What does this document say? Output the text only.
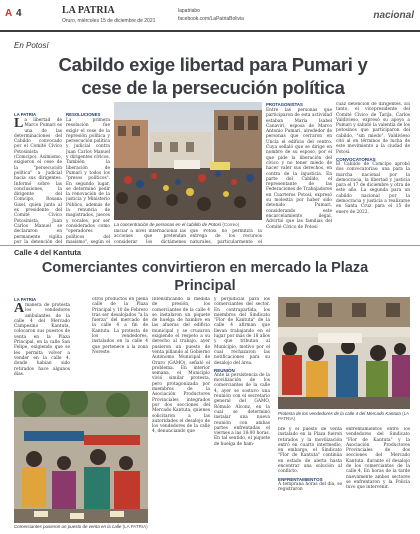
A 4	LA PATRIA
Oruro, miércoles 15 de diciembre de 2021
lapatriabo
facebook.com/LaPatriaBolivia	nacional
En Potosí
Cabildo exige libertad para Pumari y cese de la persecución política
LA PATRIA
L a libertad de Marco Pumari es una de las determinaciones del Cabildo convocado por el Comité Cívico Potosinista (Comcipo). Asimismo, exigieron el cese de la "persecución política" a judicial hacia sus dirigentes. Informó sobre las conclusiones, la dirigente del Comcipo, Rosana Gisel, quien junto al ex presidente del Comité Cívico Potosinista, Juan Carlos Manuel se declararon en permanente vigilia por la detención del
RESOLUCIONES
La primera resolución fue exigir el cese de la represión política y persecución política y judicial contra Juan Carlos Manuel y dirigentes cívicos. También la liberación de Pumari y todos los "presos políticos". En segundo lugar, se determinó pedir la renovación de la justicia y Ministerio Público, además de la renuncia de magistrados, jueces y vocales, por ser considerados como "operadores políticos del masismo", según el
La concentración de personas en el cabildo de Potosí (Correo)
iniciar a nivel internacional las acciones que pretendan considerar los dictámenes
que Potosí no permitirá la entrega de los recursos naturales, particularmente el
PROTAGONISTAS
Entre las personas que participaron de esta actividad estaban María Isabel Canaviri, esposa de Marco Antonio Pumari, alrededor de personas que cerraron en Uncía el edificio del centro. Cuya señaló que se dirige en nombre de su esposo, por el que pide la liberación del cívico y no tener miedo de hacer valer sus derechos, en contra de la injusticia. En parte del Cabildo, el representante de las Federaciones de Trabajadores en Cuarteros Potosí, expresó su molestia por haber sido detenido Pumari, considerando este encarcelamiento ilegal. Advirtió que las familias del Comité Cívico de Potosí
cuaz detención de dirigentes. En tanto, el vicepresidente del Comité Cívico de Tarija, Carlos Valdivieso, expresó su apoyo a Pumari y saludó la valentía de los potosinos que participaron del cabildo, "sin miedo". Valdivieso citó al en términos de lucha de este movimiento a la ciudad de Potosí.
CONVOCATORIAS
El Cabildo de Comcipo aprobó dos convocatorias: una para la marcha nacional por la democracia, la libertad y justicia para el 17 de diciembre y otra de este año. La segunda para un cabildo nacional por la democracia y justicia a realizarse en Santa Cruz para el 15 de enero de 2022.
Calle 4 del Kantuta
Comerciantes convirtieron en mercado la Plaza Principal
LA PATRIA
A manera de protesta los vendedores ambulantes de la calle 4 del Mercado Campesino Kantuta, colocaron sus puestos de venta en la Plaza Principal, en la calle San Felipe, exigiendo que se les permita volver a vender en la calle 4, donde habían sido retirados hace algunos días.
otros productos en plena calle de la Plaza Principal y 10 de Febrero tras ser desalojados "a la fuerza" del mercado de la calle 4 a fin de Kantuta. La protesta de los vendedores, instalados en la calle 4 que pertenece a la zona Noreste.
Intensificando la medida de presión, los comerciantes de la calle 4 se instalaron un piquete de huelga de hambre en las afueras del edificio municipal y se cruzaron exigiendo el respeto a su derecho al trabajo, ayer pusieron un puesto de venta pillando al Gobierno Autónomo Municipal de Oruro (GAMO), señaló el problema. En interior semana, el Municipio vivió similar protesta, pero protagonizada por miembros de la Asociación Productores Provinciales integrados por dos secciones del Mercado Kantuta, quienes solicitaron a las autoridades el desalojo de los vendedores de la calle 4, denunciando que
y perjudicial para los comerciantes del sector. En contrapartida, los miembros del Sindicato "Flor de Kantuta" de la calle 4 afirman que llevan trabajando en el lugar por más de 18 años y que tributan al Municipio, motivo por el cual rechazaron las notificaciones para su desalojo del área.
REUNIÓN
Ante la persistencia de la movilización de los comerciantes de la calle 4, ayer se sostuvo una reunión con el secretario general del GAMO, Rómulo Alconz, en la cual se determinó instalar una nueva reunión con ambas partes enfrentadas el viernes a las 18:00 horas. En tal sentido, el piquete de huelga de ham-
Protesta de los vendedores de la calle 4 del Mercado Kantuta (LA PATRIA)
bre y el puesto de venta instalado en la Plaza fueron retirados y la movilización entró en cuarto intermedio, en embargo, el Sindicato "Flor de Kantuta" continúa en estado de alerta hasta encontrar una solución al conflicto.
ENFRENTAMIENTOS
A temprana horas del día, se registraron
enfrentamientos entre los vendedores del Sindicato "Flor de Kantuta" y la Asociación Productores Provinciales de dos secciones del Mercado Kantuta, durante el desalojo de los comerciantes de la calle 4, En horas de la tarde nuevamente ambos sectores se enfrentaron y la Policía tuvo que intervenir.
Comerciantes pusieron un puesto de venta en la calle (LA PATRIA)
